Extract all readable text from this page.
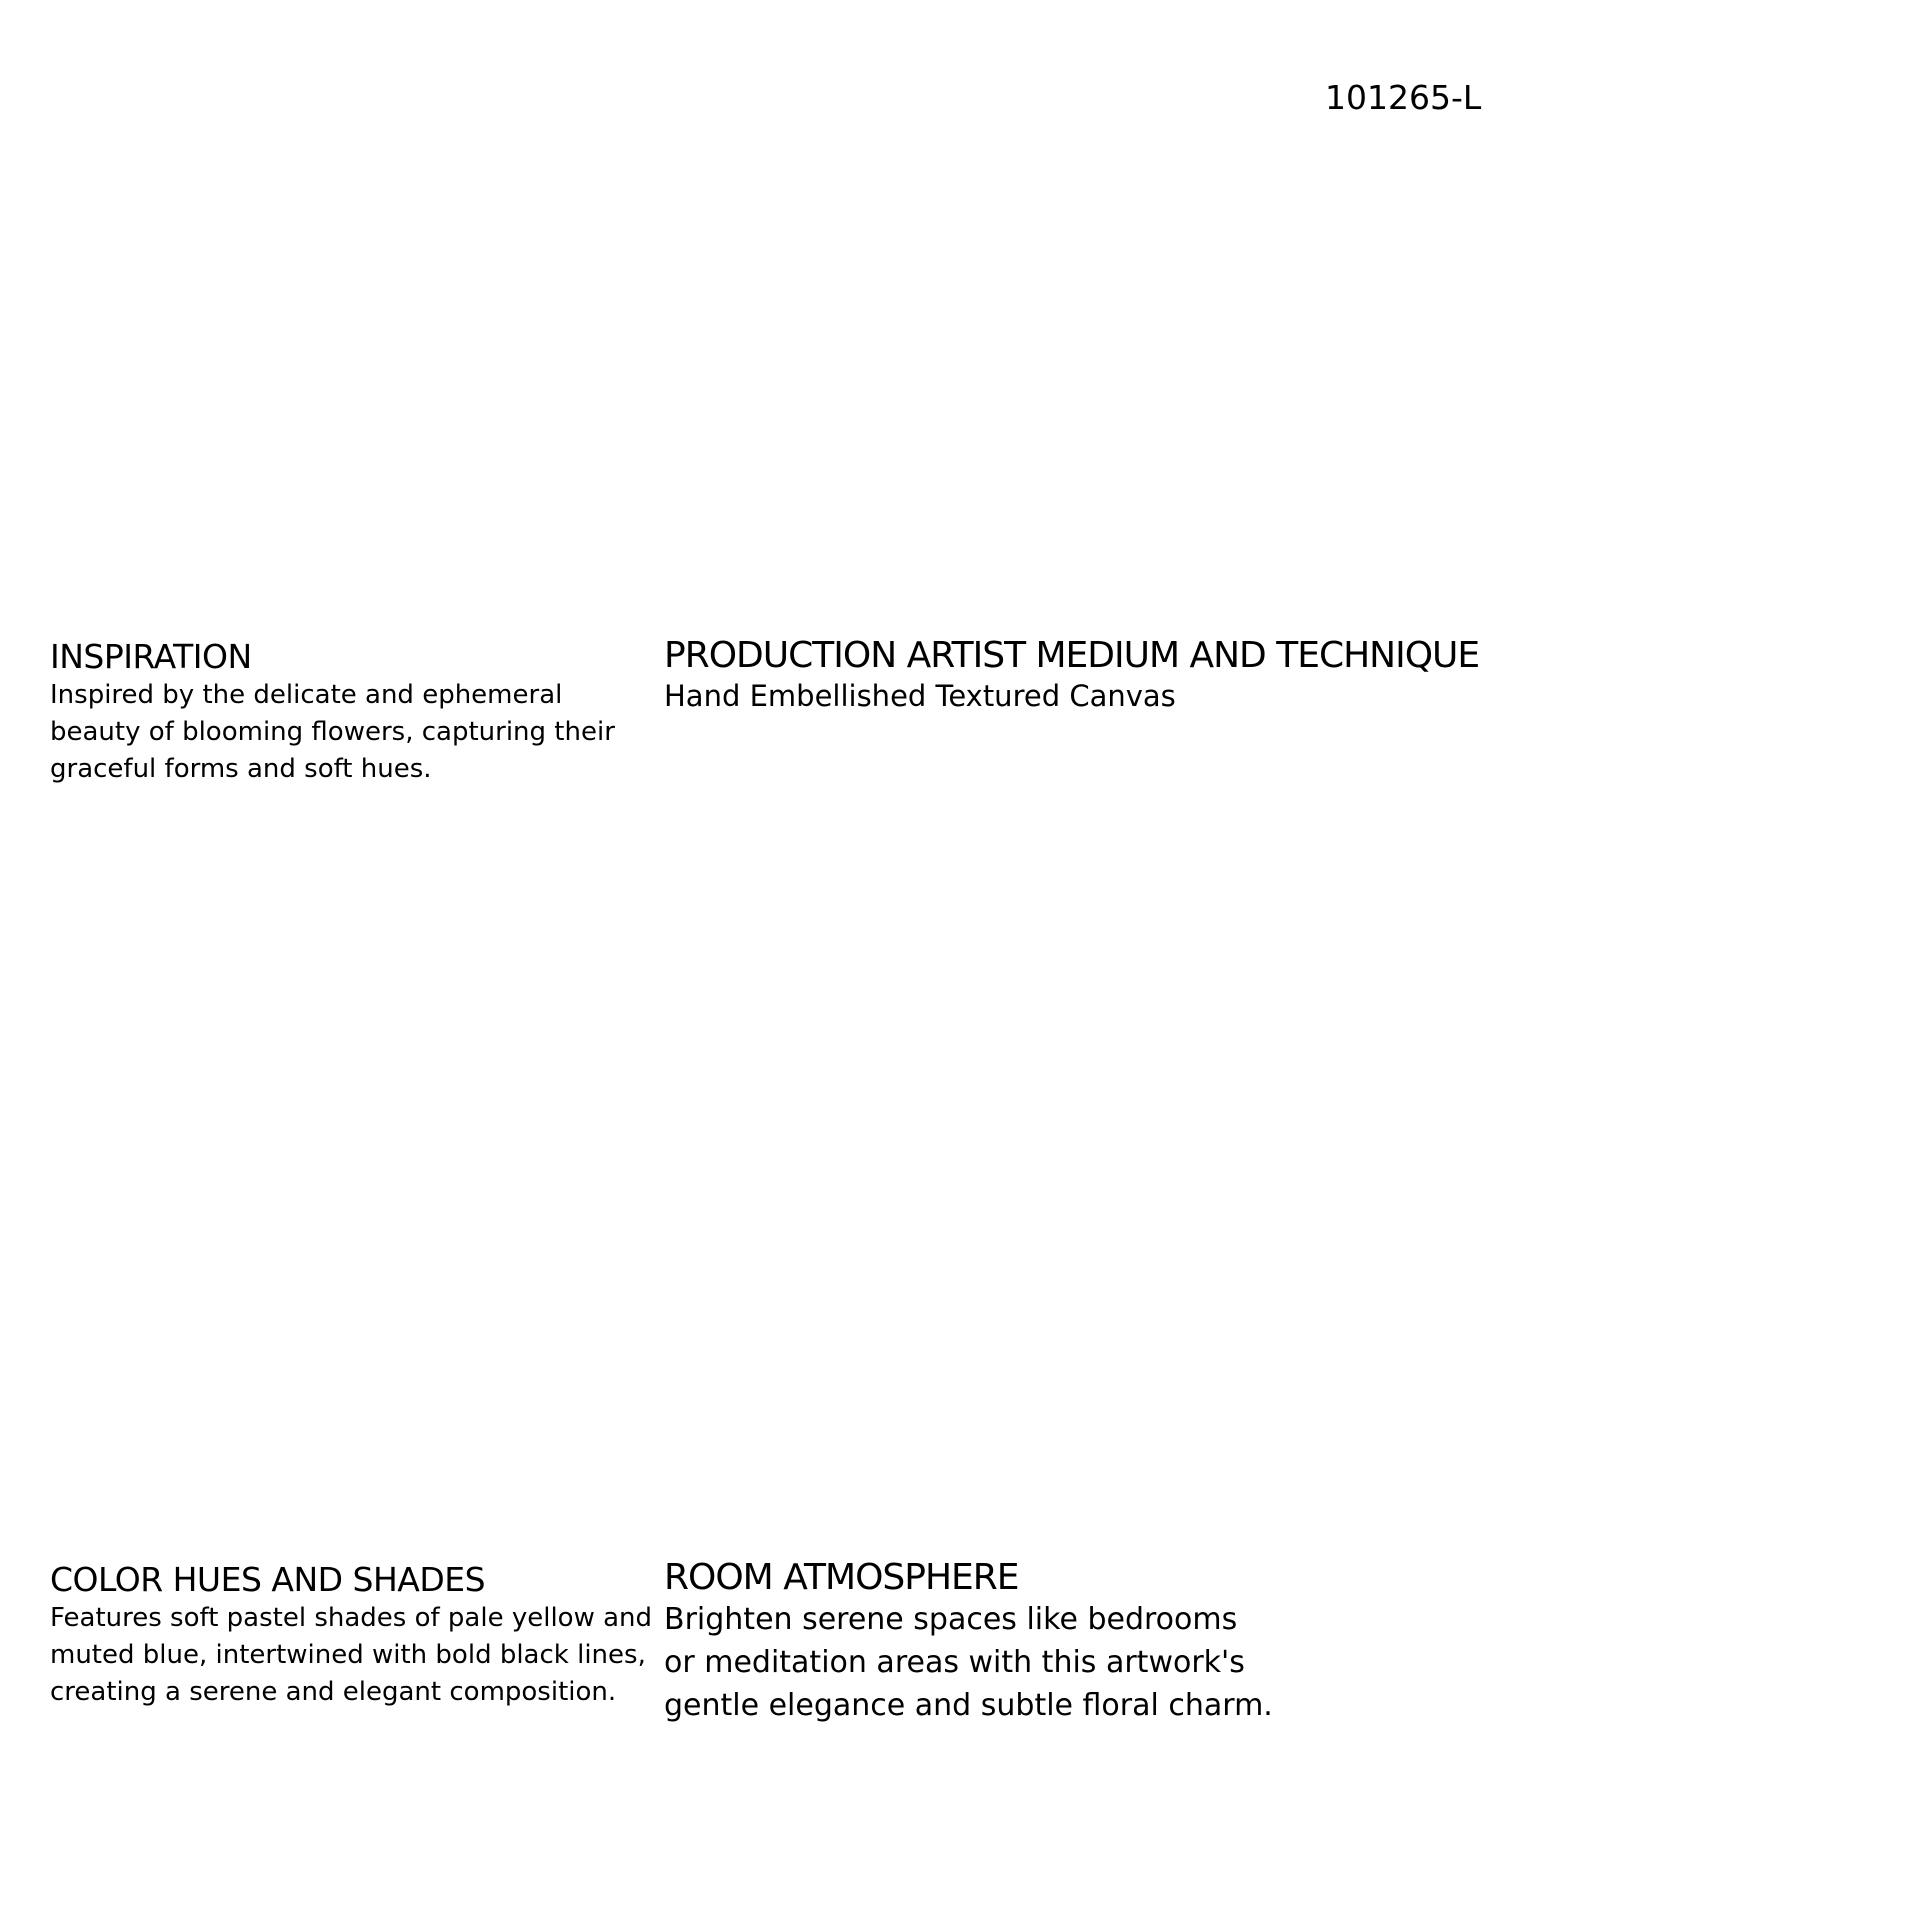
101265-L
INSPIRATION
Inspired by the delicate and ephemeral
beauty of blooming flowers, capturing their
graceful forms and soft hues.
PRODUCTION ARTIST MEDIUM AND TECHNIQUE
Hand Embellished Textured Canvas
COLOR HUES AND SHADES
Features soft pastel shades of pale yellow and
muted blue, intertwined with bold black lines,
creating a serene and elegant composition.
ROOM ATMOSPHERE
Brighten serene spaces like bedrooms
or meditation areas with this artwork's
gentle elegance and subtle floral charm.
